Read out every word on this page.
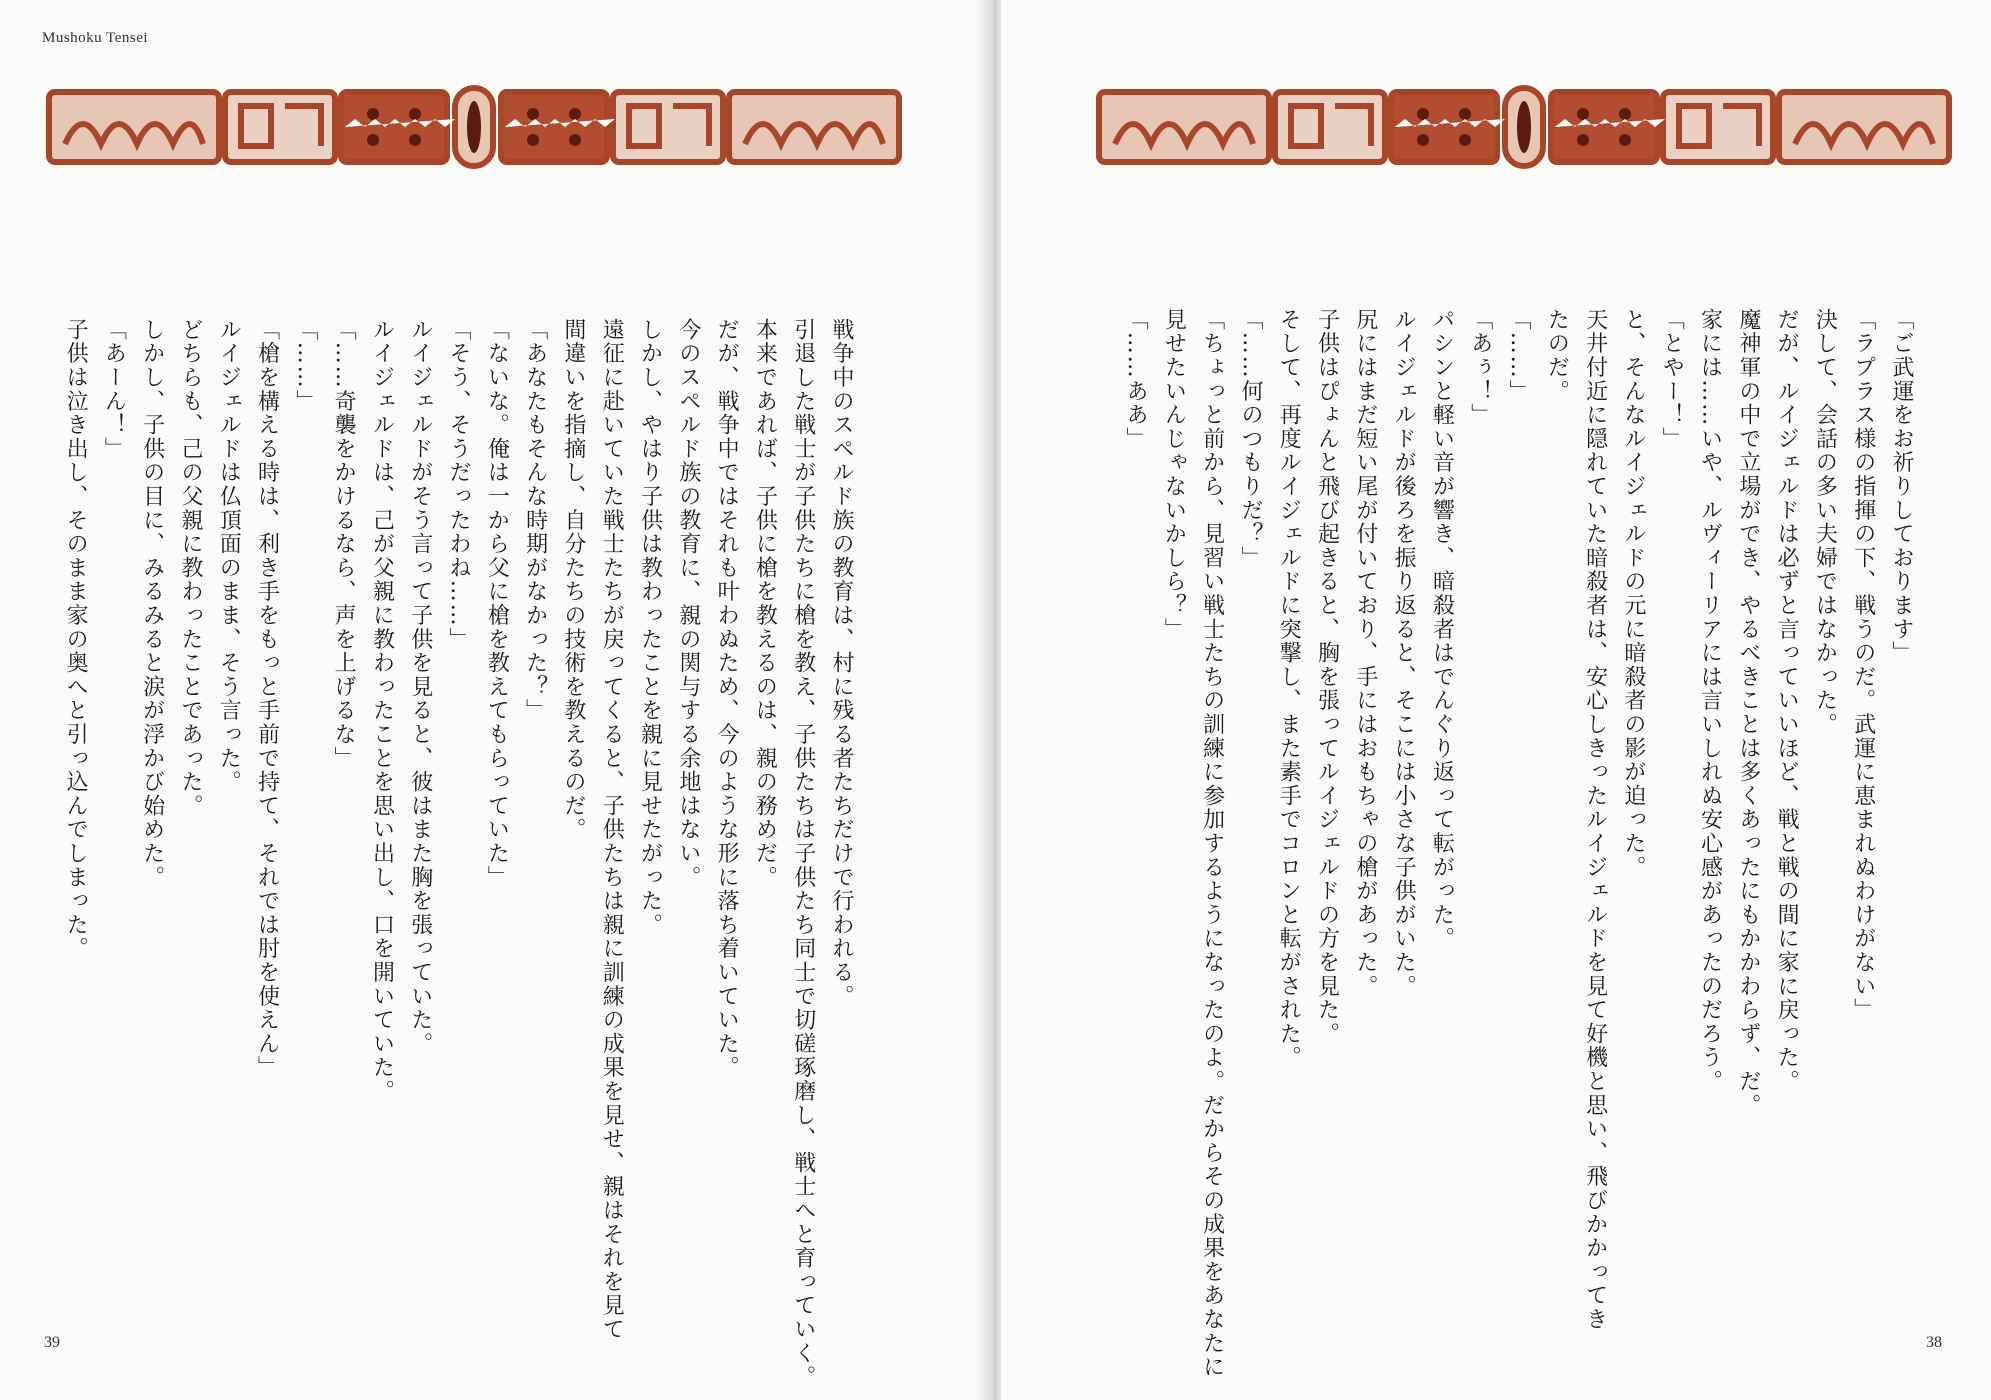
Mushoku Tensei
戦争中のスペルド族の教育は、村に残る者たちだけで行われる。
引退した戦士が子供たちに槍を教え、子供たちは子供たち同士で切磋琢磨し、戦士へと育っていく。
本来であれば、子供に槍を教えるのは、親の務めだ。
だが、戦争中ではそれも叶わぬため、今のような形に落ち着いていた。
今のスペルド族の教育に、親の関与する余地はない。
しかし、やはり子供は教わったことを親に見せたがった。
遠征に赴いていた戦士たちが戻ってくると、子供たちは親に訓練の成果を見せ、親はそれを見て
間違いを指摘し、自分たちの技術を教えるのだ。
「あなたもそんな時期がなかった？」
「ないな。俺は一から父に槍を教えてもらっていた」
「そう、そうだったわね……」
ルイジェルドがそう言って子供を見ると、彼はまた胸を張っていた。
ルイジェルドは、己が父親に教わったことを思い出し、口を開いていた。
「……奇襲をかけるなら、声を上げるな」
「……」
「槍を構える時は、利き手をもっと手前で持て、それでは肘を使えん」
ルイジェルドは仏頂面のまま、そう言った。
どちらも、己の父親に教わったことであった。
しかし、子供の目に、みるみると涙が浮かび始めた。
「あーん！」
子供は泣き出し、そのまま家の奥へと引っ込んでしまった。
39
「ご武運をお祈りしております」
「ラプラス様の指揮の下、戦うのだ。武運に恵まれぬわけがない」
決して、会話の多い夫婦ではなかった。
だが、ルイジェルドは必ずと言っていいほど、戦と戦の間に家に戻った。
魔神軍の中で立場ができ、やるべきことは多くあったにもかかわらず、だ。
家には……いや、ルヴィーリアには言いしれぬ安心感があったのだろう。
「とやー！」
と、そんなルイジェルドの元に暗殺者の影が迫った。
天井付近に隠れていた暗殺者は、安心しきったルイジェルドを見て好機と思い、飛びかかってき
たのだ。
「……」
「あぅ！」
パシンと軽い音が響き、暗殺者はでんぐり返って転がった。
ルイジェルドが後ろを振り返ると、そこには小さな子供がいた。
尻にはまだ短い尾が付いており、手にはおもちゃの槍があった。
子供はぴょんと飛び起きると、胸を張ってルイジェルドの方を見た。
そして、再度ルイジェルドに突撃し、また素手でコロンと転がされた。
「……何のつもりだ？」
「ちょっと前から、見習い戦士たちの訓練に参加するようになったのよ。だからその成果をあなたに
見せたいんじゃないかしら？」
「……ああ」
38
